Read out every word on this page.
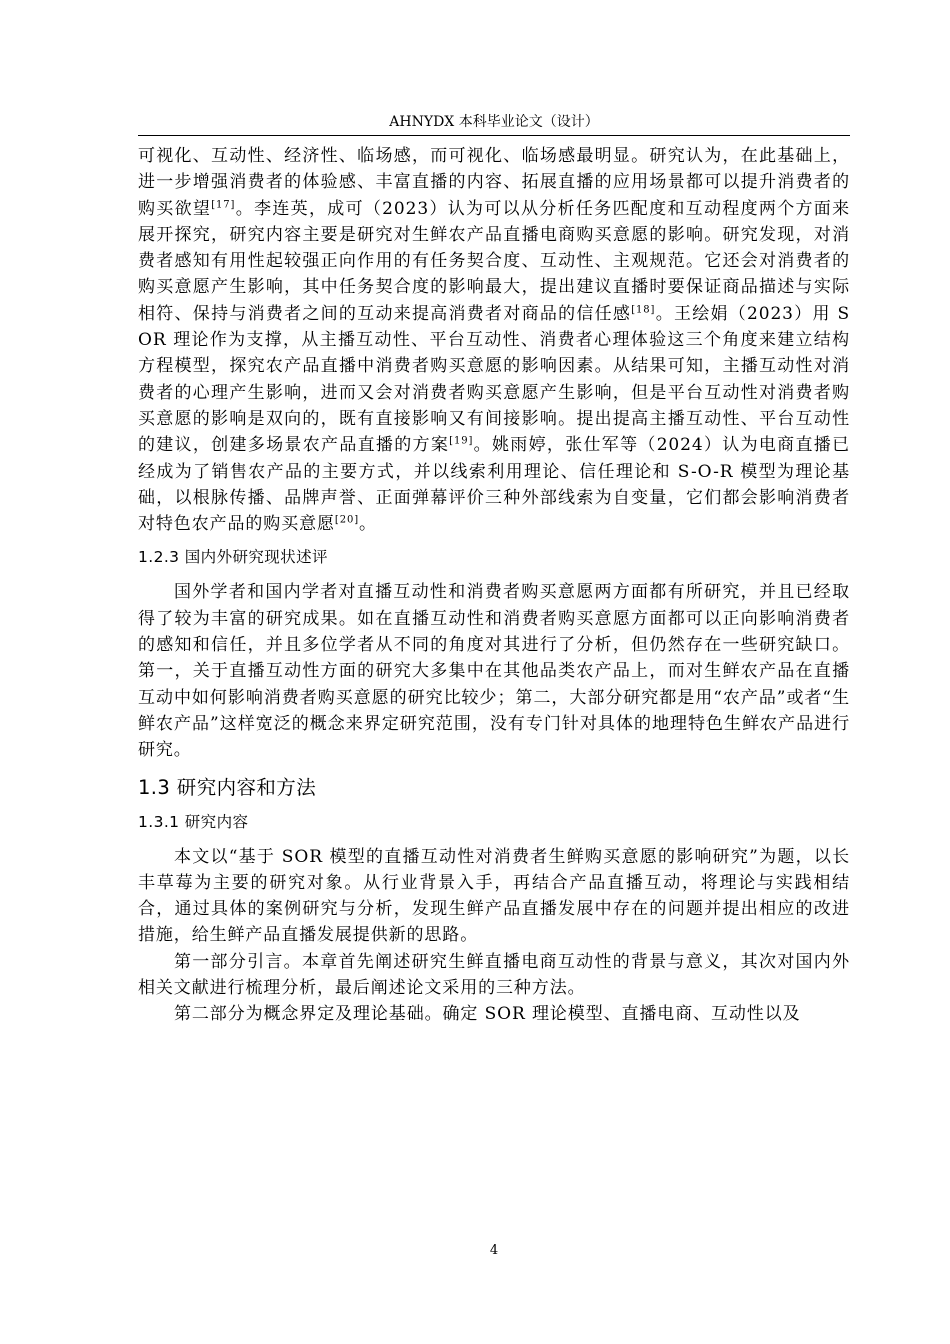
AHNYDX 本科毕业论文（设计）

可视化、互动性、经济性、临场感，而可视化、临场感最明显。研究认为，在此基础上，进一步增强消费者的体验感、丰富直播的内容、拓展直播的应用场景都可以提升消费者的购买欲望[17]。李连英，成可（2023）认为可以从分析任务匹配度和互动程度两个方面来展开探究，研究内容主要是研究对生鲜农产品直播电商购买意愿的影响。研究发现，对消费者感知有用性起较强正向作用的有任务契合度、互动性、主观规范。它还会对消费者的购买意愿产生影响，其中任务契合度的影响最大，提出建议直播时要保证商品描述与实际相符、保持与消费者之间的互动来提高消费者对商品的信任感[18]。王绘娟（2023）用 SOR 理论作为支撑，从主播互动性、平台互动性、消费者心理体验这三个角度来建立结构方程模型，探究农产品直播中消费者购买意愿的影响因素。从结果可知，主播互动性对消费者的心理产生影响，进而又会对消费者购买意愿产生影响，但是平台互动性对消费者购买意愿的影响是双向的，既有直接影响又有间接影响。提出提高主播互动性、平台互动性的建议，创建多场景农产品直播的方案[19]。姚雨婷，张仕军等（2024）认为电商直播已经成为了销售农产品的主要方式，并以线索利用理论、信任理论和 S-O-R 模型为理论基础，以根脉传播、品牌声誉、正面弹幕评价三种外部线索为自变量，它们都会影响消费者对特色农产品的购买意愿[20]。

1.2.3 国内外研究现状述评

国外学者和国内学者对直播互动性和消费者购买意愿两方面都有所研究，并且已经取得了较为丰富的研究成果。如在直播互动性和消费者购买意愿方面都可以正向影响消费者的感知和信任，并且多位学者从不同的角度对其进行了分析，但仍然存在一些研究缺口。第一，关于直播互动性方面的研究大多集中在其他品类农产品上，而对生鲜农产品在直播互动中如何影响消费者购买意愿的研究比较少；第二，大部分研究都是用“农产品”或者“生鲜农产品”这样宽泛的概念来界定研究范围，没有专门针对具体的地理特色生鲜农产品进行研究。

1.3 研究内容和方法
1.3.1 研究内容

本文以“基于 SOR 模型的直播互动性对消费者生鲜购买意愿的影响研究”为题，以长丰草莓为主要的研究对象。从行业背景入手，再结合产品直播互动，将理论与实践相结合，通过具体的案例研究与分析，发现生鲜产品直播发展中存在的问题并提出相应的改进措施，给生鲜产品直播发展提供新的思路。

第一部分引言。本章首先阐述研究生鲜直播电商互动性的背景与意义，其次对国内外相关文献进行梳理分析，最后阐述论文采用的三种方法。

第二部分为概念界定及理论基础。确定 SOR 理论模型、直播电商、互动性以及

4
